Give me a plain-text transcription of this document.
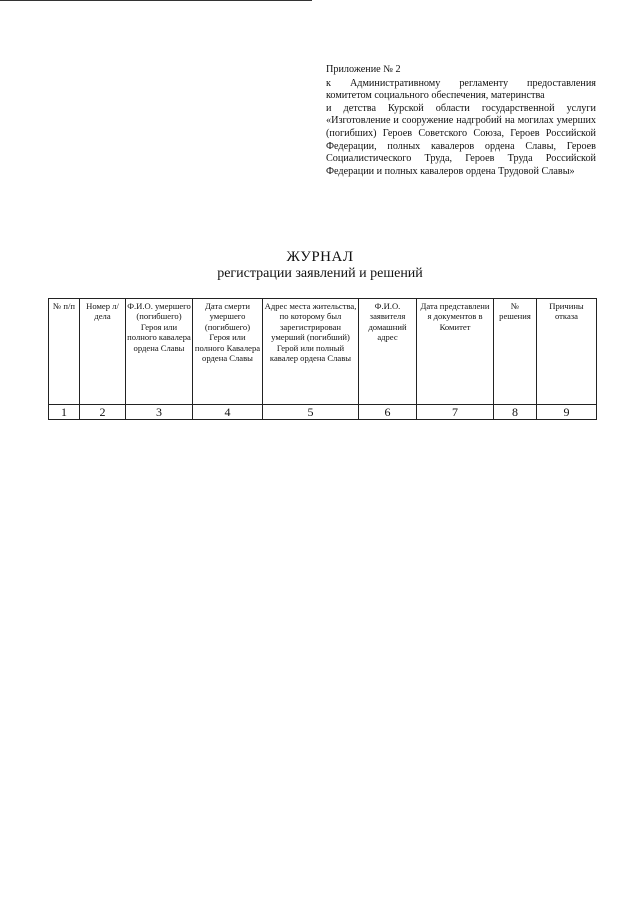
Приложение № 2
к Административному регламенту предоставления
комитетом социального обеспечения, материнства
и детства Курской области государственной услуги
«Изготовление и сооружение надгробий на могилах умерших (погибших) Героев Советского Союза, Героев Российской Федерации, полных кавалеров ордена Славы, Героев Социалистического Труда, Героев Труда Российской Федерации и полных кавалеров ордена Трудовой Славы»
ЖУРНАЛ
регистрации заявлений и решений
№ п/п	Номер л/дела	Ф.И.О. умершего (погибшего) Героя или полного кавалера ордена Славы	Дата смерти умершего (погибшего) Героя или полного Кавалера ордена Славы	Адрес места жительства, по которому был зарегистрирован умерший (погибший) Герой или полный кавалер ордена Славы	Ф.И.О. заявителя домашний адрес	Дата представлени я документов в Комитет	№ решения	Причины отказа
1	2	3	4	5	6	7	8	9
